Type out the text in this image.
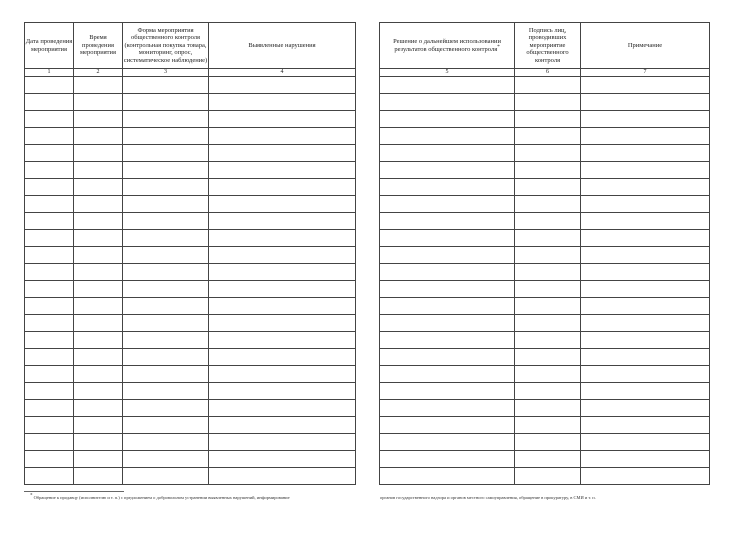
Дата проведения мероприятия	Время проведения мероприятия	Форма мероприятия общественного контроля (контрольная покупка товара, мониторинг, опрос, систематическое наблюдение)	Выявленные нарушения
1	2	3	4

Решение о дальнейшем использовании результатов общественного контроля*	Подпись лиц, проводивших мероприятие общественного контроля	Примечание
5	6	7

* Обращение к продавцу (исполнителю и т. п.) с предложением о добровольном устранении выявленных нарушений, информирование	органов государственного надзора и органов местного самоуправления, обращение в прокуратуру, в СМИ и т. п.
